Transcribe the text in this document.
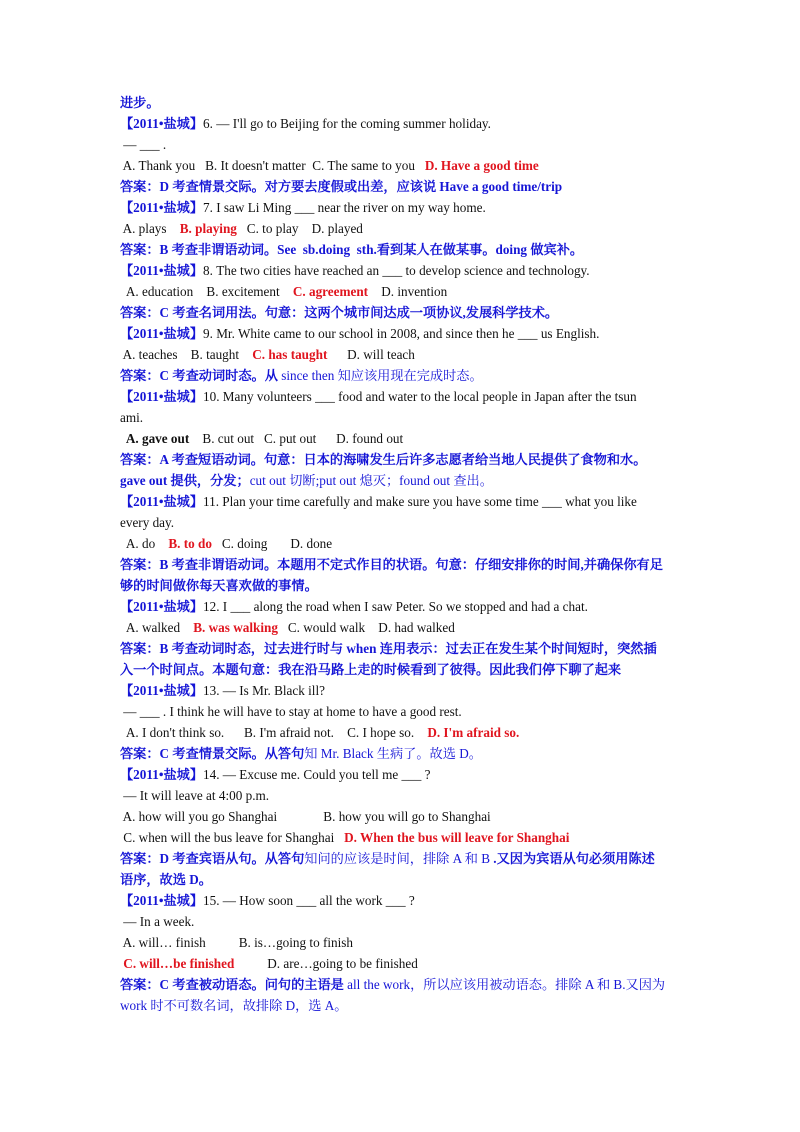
进步。
【2011•盐城】6. — I'll go to Beijing for the coming summer holiday.
— ___ .
A. Thank you   B. It doesn't matter  C. The same to you   D. Have a good time
答案：D 考查情景交际。对方要去度假或出差，应该说 Have a good time/trip
【2011•盐城】7. I saw Li Ming ___ near the river on my way home.
A. plays    B. playing   C. to play    D. played
答案：B 考查非谓语动词。See  sb.doing  sth.看到某人在做某事。doing 做宾补。
【2011•盐城】8. The two cities have reached an ___ to develop science and technology.
A. education    B. excitement    C. agreement    D. invention
答案：C 考查名词用法。句意：这两个城市间达成一项协议,发展科学技术。
【2011•盐城】9. Mr. White came to our school in 2008, and since then he ___ us English.
A. teaches    B. taught    C. has taught      D. will teach
答案：C 考查动词时态。从 since then 知应该用现在完成时态。
【2011•盐城】10. Many volunteers ___ food and water to the local people in Japan after the tsun
ami.
A. gave out    B. cut out   C. put out      D. found out
答案：A 考查短语动词。句意：日本的海啸发生后许多志愿者给当地人民提供了食物和水。
gave out 提供，分发；cut out 切断;put out 熄灭；found out 查出。
【2011•盐城】11. Plan your time carefully and make sure you have some time ___ what you like
every day.
A. do    B. to do   C. doing       D. done
答案：B 考查非谓语动词。本题用不定式作目的状语。句意：仔细安排你的时间,并确保你有足
够的时间做你每天喜欢做的事情。
【2011•盐城】12. I ___ along the road when I saw Peter. So we stopped and had a chat.
A. walked    B. was walking   C. would walk    D. had walked
答案：B 考查动词时态，过去进行时与 when 连用表示：过去正在发生某个时间短时，突然插
入一个时间点。本题句意：我在沿马路上走的时候看到了彼得。因此我们停下聊了起来
【2011•盐城】13. — Is Mr. Black ill?
— ___ . I think he will have to stay at home to have a good rest.
A. I don't think so.      B. I'm afraid not.    C. I hope so.    D. I'm afraid so.
答案：C 考查情景交际。从答句知 Mr. Black 生病了。故选 D。
【2011•盐城】14. — Excuse me. Could you tell me ___ ?
— It will leave at 4:00 p.m.
A. how will you go Shanghai              B. how you will go to Shanghai
C. when will the bus leave for Shanghai   D. When the bus will leave for Shanghai
答案：D 考查宾语从句。从答句知问的应该是时间，排除 A 和 B .又因为宾语从句必须用陈述
语序，故选 D。
【2011•盐城】15. — How soon ___ all the work ___ ?
— In a week.
A. will… finish          B. is…going to finish
C. will…be finished          D. are…going to be finished
答案：C 考查被动语态。问句的主语是 all the work，所以应该用被动语态。排除 A 和 B.又因为
work 时不可数名词，故排除 D，选 A。
